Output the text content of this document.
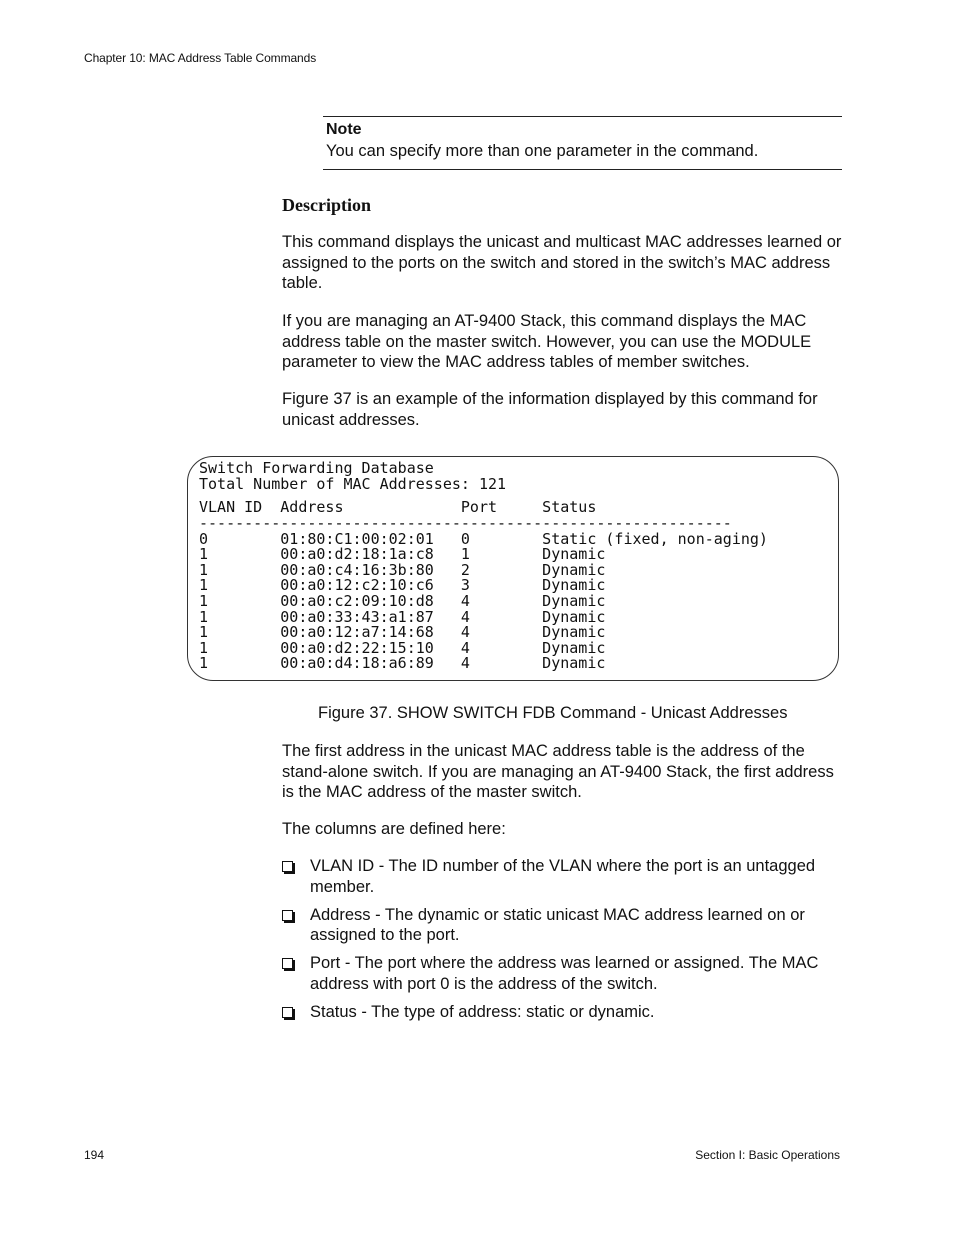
Chapter 10: MAC Address Table Commands
Note
You can specify more than one parameter in the command.
Description
This command displays the unicast and multicast MAC addresses learned or assigned to the ports on the switch and stored in the switch’s MAC address table.
If you are managing an AT-9400 Stack, this command displays the MAC address table on the master switch. However, you can use the MODULE parameter to view the MAC address tables of member switches.
Figure 37 is an example of the information displayed by this command for unicast addresses.
Switch Forwarding Database
Total Number of MAC Addresses: 121
VLAN ID  Address             Port     Status
-----------------------------------------------------------
0        01:80:C1:00:02:01   0        Static (fixed, non-aging)
1        00:a0:d2:18:1a:c8   1        Dynamic
1        00:a0:c4:16:3b:80   2        Dynamic
1        00:a0:12:c2:10:c6   3        Dynamic
1        00:a0:c2:09:10:d8   4        Dynamic
1        00:a0:33:43:a1:87   4        Dynamic
1        00:a0:12:a7:14:68   4        Dynamic
1        00:a0:d2:22:15:10   4        Dynamic
1        00:a0:d4:18:a6:89   4        Dynamic
Figure 37. SHOW SWITCH FDB Command - Unicast Addresses
The first address in the unicast MAC address table is the address of the stand-alone switch. If you are managing an AT-9400 Stack, the first address is the MAC address of the master switch.
The columns are defined here:
VLAN ID - The ID number of the VLAN where the port is an untagged member.
Address - The dynamic or static unicast MAC address learned on or assigned to the port.
Port - The port where the address was learned or assigned. The MAC address with port 0 is the address of the switch.
Status - The type of address: static or dynamic.
194	Section I: Basic Operations
